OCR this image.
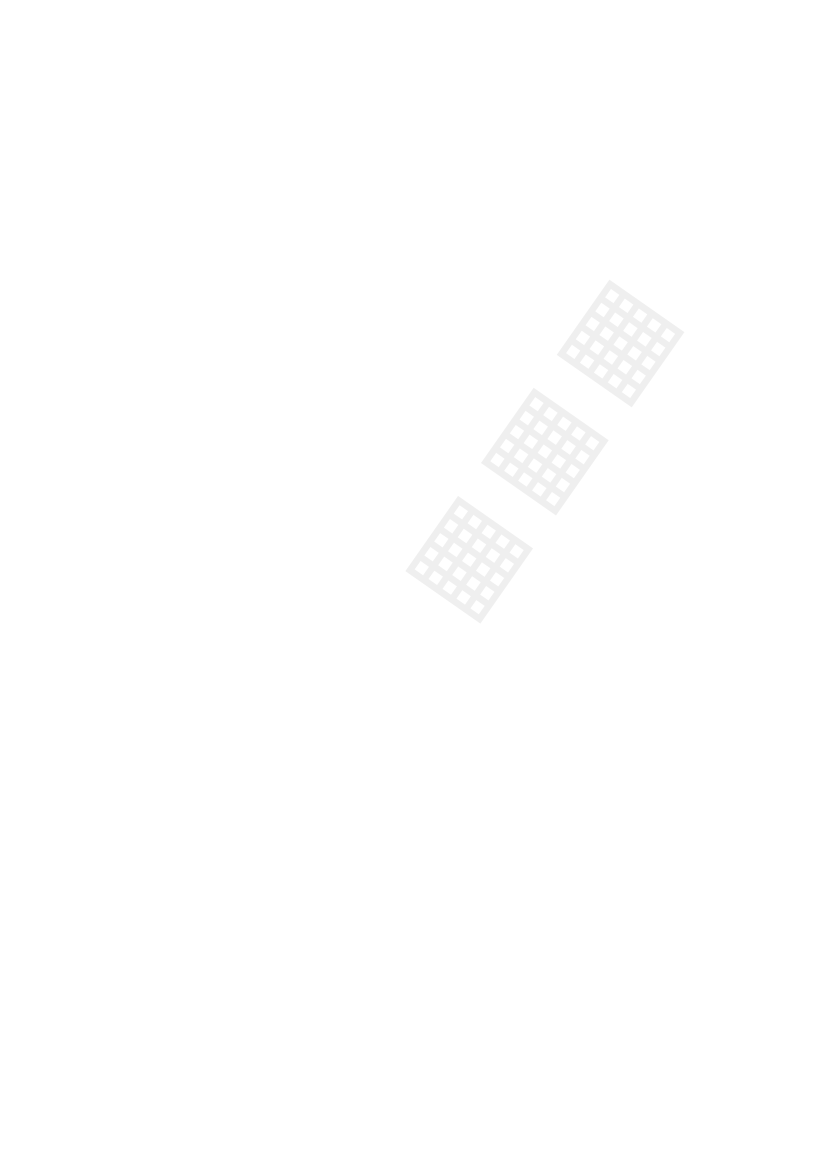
▦
▦
▦
